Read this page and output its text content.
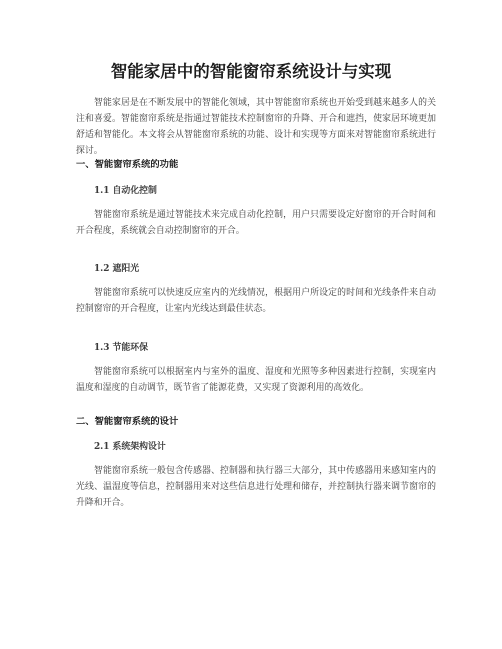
智能家居中的智能窗帘系统设计与实现

智能家居是在不断发展中的智能化领域，其中智能窗帘系统也开始受到越来越多人的关注和喜爱。智能窗帘系统是指通过智能技术控制窗帘的升降、开合和遮挡，使家居环境更加舒适和智能化。本文将会从智能窗帘系统的功能、设计和实现等方面来对智能窗帘系统进行探讨。

一、智能窗帘系统的功能
1.1 自动化控制

智能窗帘系统是通过智能技术来完成自动化控制，用户只需要设定好窗帘的开合时间和开合程度，系统就会自动控制窗帘的开合。

1.2 遮阳光

智能窗帘系统可以快速反应室内的光线情况，根据用户所设定的时间和光线条件来自动控制窗帘的开合程度，让室内光线达到最佳状态。

1.3 节能环保

智能窗帘系统可以根据室内与室外的温度、湿度和光照等多种因素进行控制，实现室内温度和湿度的自动调节，既节省了能源花费，又实现了资源利用的高效化。

二、智能窗帘系统的设计
2.1 系统架构设计

智能窗帘系统一般包含传感器、控制器和执行器三大部分，其中传感器用来感知室内的光线、温湿度等信息，控制器用来对这些信息进行处理和储存，并控制执行器来调节窗帘的升降和开合。
